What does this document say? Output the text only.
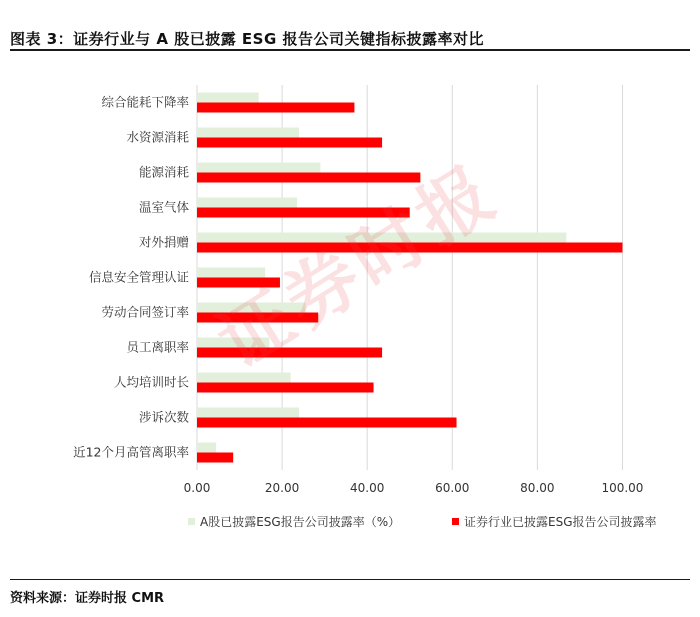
图表 3：证券行业与 A 股已披露 ESG 报告公司关键指标披露率对比
0.00	20.00	40.00	60.00	80.00	100.00
综合能耗下降率
水资源消耗
能源消耗
温室气体
对外捐赠
信息安全管理认证
劳动合同签订率
员工离职率
人均培训时长
涉诉次数
近12个月高管离职率
证券时报
A股已披露ESG报告公司披露率（%）	证券行业已披露ESG报告公司披露率
资料来源：证券时报 CMR
